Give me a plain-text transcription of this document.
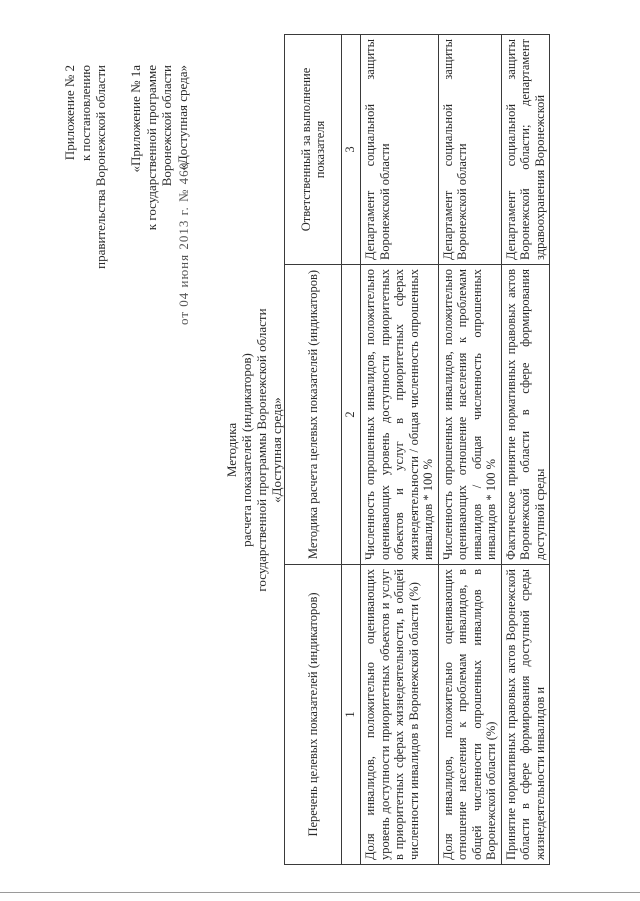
Приложение № 2 к постановлению правительства Воронежской области	от 04 июня 2013 г. № 460
«Приложение № 1а к государственной программе Воронежской области «Доступная среда»
Методика расчета показателей (индикаторов) государственной программы Воронежской области «Доступная среда»
Перечень целевых показателей (индикаторов)	Методика расчета целевых показателей (индикаторов)	Ответственный за выполнение показателя
1	2	3
Доля инвалидов, положительно оценивающих уровень доступности приоритетных объектов и услуг в приоритетных сферах жизнедеятельности, в общей численности инвалидов в Воронежской области (%)	Численность опрошенных инвалидов, положительно оценивающих уровень доступности приоритетных объектов и услуг в приоритетных сферах жизнедеятельности / общая численность опрошенных инвалидов * 100 %	Департамент социальной защиты Воронежской области
Доля инвалидов, положительно оценивающих отношение населения к проблемам инвалидов, в общей численности опрошенных инвалидов в Воронежской области (%)	Численность опрошенных инвалидов, положительно оценивающих отношение населения к проблемам инвалидов / общая численность опрошенных инвалидов * 100 %	Департамент социальной защиты Воронежской области
Принятие нормативных правовых актов Воронежской области в сфере формирования доступной среды жизнедеятельности инвалидов и	Фактическое принятие нормативных правовых актов Воронежской области в сфере формирования доступной среды	Департамент социальной защиты Воронежской области; департамент здравоохранения Воронежской
